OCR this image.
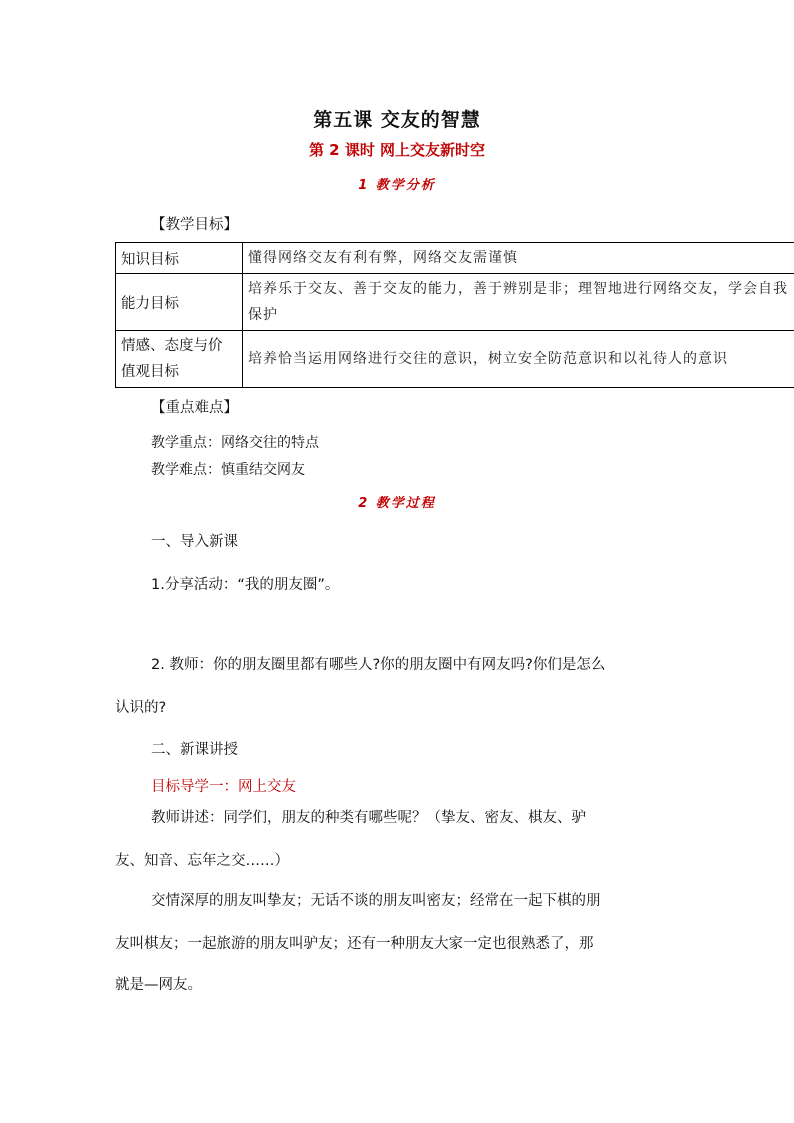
第五课 交友的智慧
第 2 课时 网上交友新时空
1 教学分析
【教学目标】
知识目标	懂得网络交友有利有弊，网络交友需谨慎
能力目标	培养乐于交友、善于交友的能力，善于辨别是非；理智地进行网络交友，学会自我保护
情感、态度与价值观目标	培养恰当运用网络进行交往的意识，树立安全防范意识和以礼待人的意识
【重点难点】
教学重点：网络交往的特点
教学难点：慎重结交网友
2 教学过程
一、导入新课
1.分享活动：“我的朋友圈”。
2. 教师：你的朋友圈里都有哪些人?你的朋友圈中有网友吗?你们是怎么
认识的?
二、新课讲授
目标导学一：网上交友
教师讲述：同学们，朋友的种类有哪些呢？（挚友、密友、棋友、驴
友、知音、忘年之交……）
交情深厚的朋友叫挚友；无话不谈的朋友叫密友；经常在一起下棋的朋
友叫棋友；一起旅游的朋友叫驴友；还有一种朋友大家一定也很熟悉了，那
就是—网友。
